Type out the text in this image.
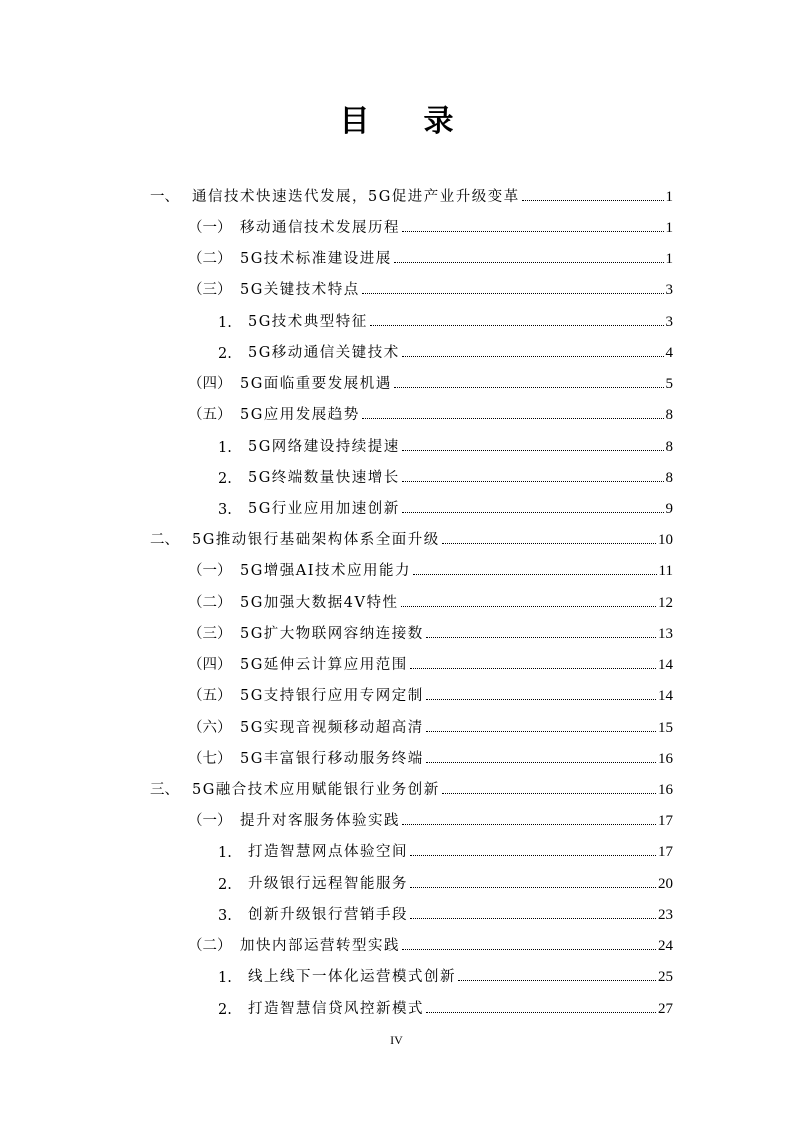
目录
一、 通信技术快速迭代发展，5G促进产业升级变革	1
（一） 移动通信技术发展历程	1
（二） 5G技术标准建设进展	1
（三） 5G关键技术特点	3
1.	5G技术典型特征	3
2.	5G移动通信关键技术	4
（四） 5G面临重要发展机遇	5
（五） 5G应用发展趋势	8
1.	5G网络建设持续提速	8
2.	5G终端数量快速增长	8
3.	5G行业应用加速创新	9
二、 5G推动银行基础架构体系全面升级	10
（一） 5G增强AI技术应用能力	11
（二） 5G加强大数据4V特性	12
（三） 5G扩大物联网容纳连接数	13
（四） 5G延伸云计算应用范围	14
（五） 5G支持银行应用专网定制	14
（六） 5G实现音视频移动超高清	15
（七） 5G丰富银行移动服务终端	16
三、 5G融合技术应用赋能银行业务创新	16
（一） 提升对客服务体验实践	17
1.	打造智慧网点体验空间	17
2.	升级银行远程智能服务	20
3.	创新升级银行营销手段	23
（二） 加快内部运营转型实践	24
1.	线上线下一体化运营模式创新	25
2.	打造智慧信贷风控新模式	27
IV
